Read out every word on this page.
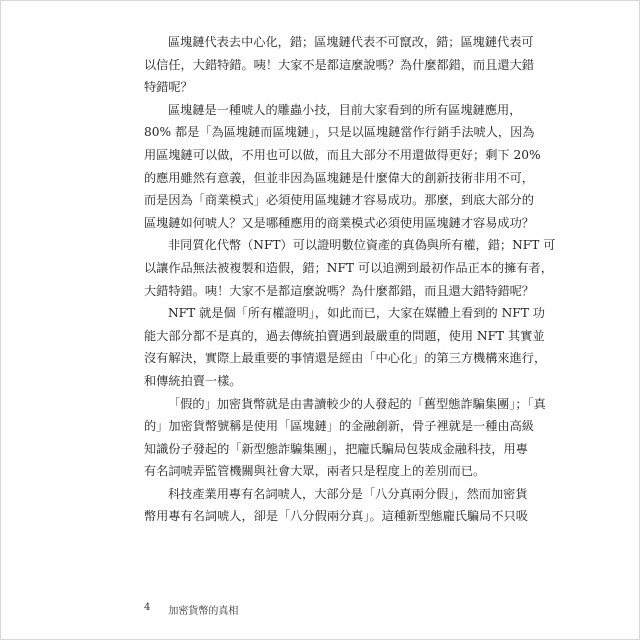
區塊鏈代表去中心化，錯；區塊鏈代表不可竄改，錯；區塊鏈代表可
以信任，大錯特錯。咦！大家不是都這麼說嗎？為什麼都錯，而且還大錯
特錯呢？
區塊鏈是一種唬人的雕蟲小技，目前大家看到的所有區塊鏈應用，
80% 都是「為區塊鏈而區塊鏈」，只是以區塊鏈當作行銷手法唬人，因為
用區塊鏈可以做，不用也可以做，而且大部分不用還做得更好；剩下 20%
的應用雖然有意義，但並非因為區塊鏈是什麼偉大的創新技術非用不可，
而是因為「商業模式」必須使用區塊鏈才容易成功。那麼，到底大部分的
區塊鏈如何唬人？又是哪種應用的商業模式必須使用區塊鏈才容易成功？
非同質化代幣（NFT）可以證明數位資產的真偽與所有權，錯；NFT 可
以讓作品無法被複製和造假，錯；NFT 可以追溯到最初作品正本的擁有者，
大錯特錯。咦！大家不是都這麼說嗎？為什麼都錯，而且還大錯特錯呢？
NFT 就是個「所有權證明」，如此而已，大家在媒體上看到的 NFT 功
能大部分都不是真的，過去傳統拍賣遇到最嚴重的問題，使用 NFT 其實並
沒有解決，實際上最重要的事情還是經由「中心化」的第三方機構來進行，
和傳統拍賣一樣。
「假的」加密貨幣就是由書讀較少的人發起的「舊型態詐騙集團」；「真
的」加密貨幣號稱是使用「區塊鏈」的金融創新，骨子裡就是一種由高級
知識份子發起的「新型態詐騙集團」，把龐氏騙局包裝成金融科技，用專
有名詞唬弄監管機關與社會大眾，兩者只是程度上的差別而已。
科技產業用專有名詞唬人，大部分是「八分真兩分假」，然而加密貨
幣用專有名詞唬人，卻是「八分假兩分真」。這種新型態龐氏騙局不只吸
4 加密貨幣的真相
